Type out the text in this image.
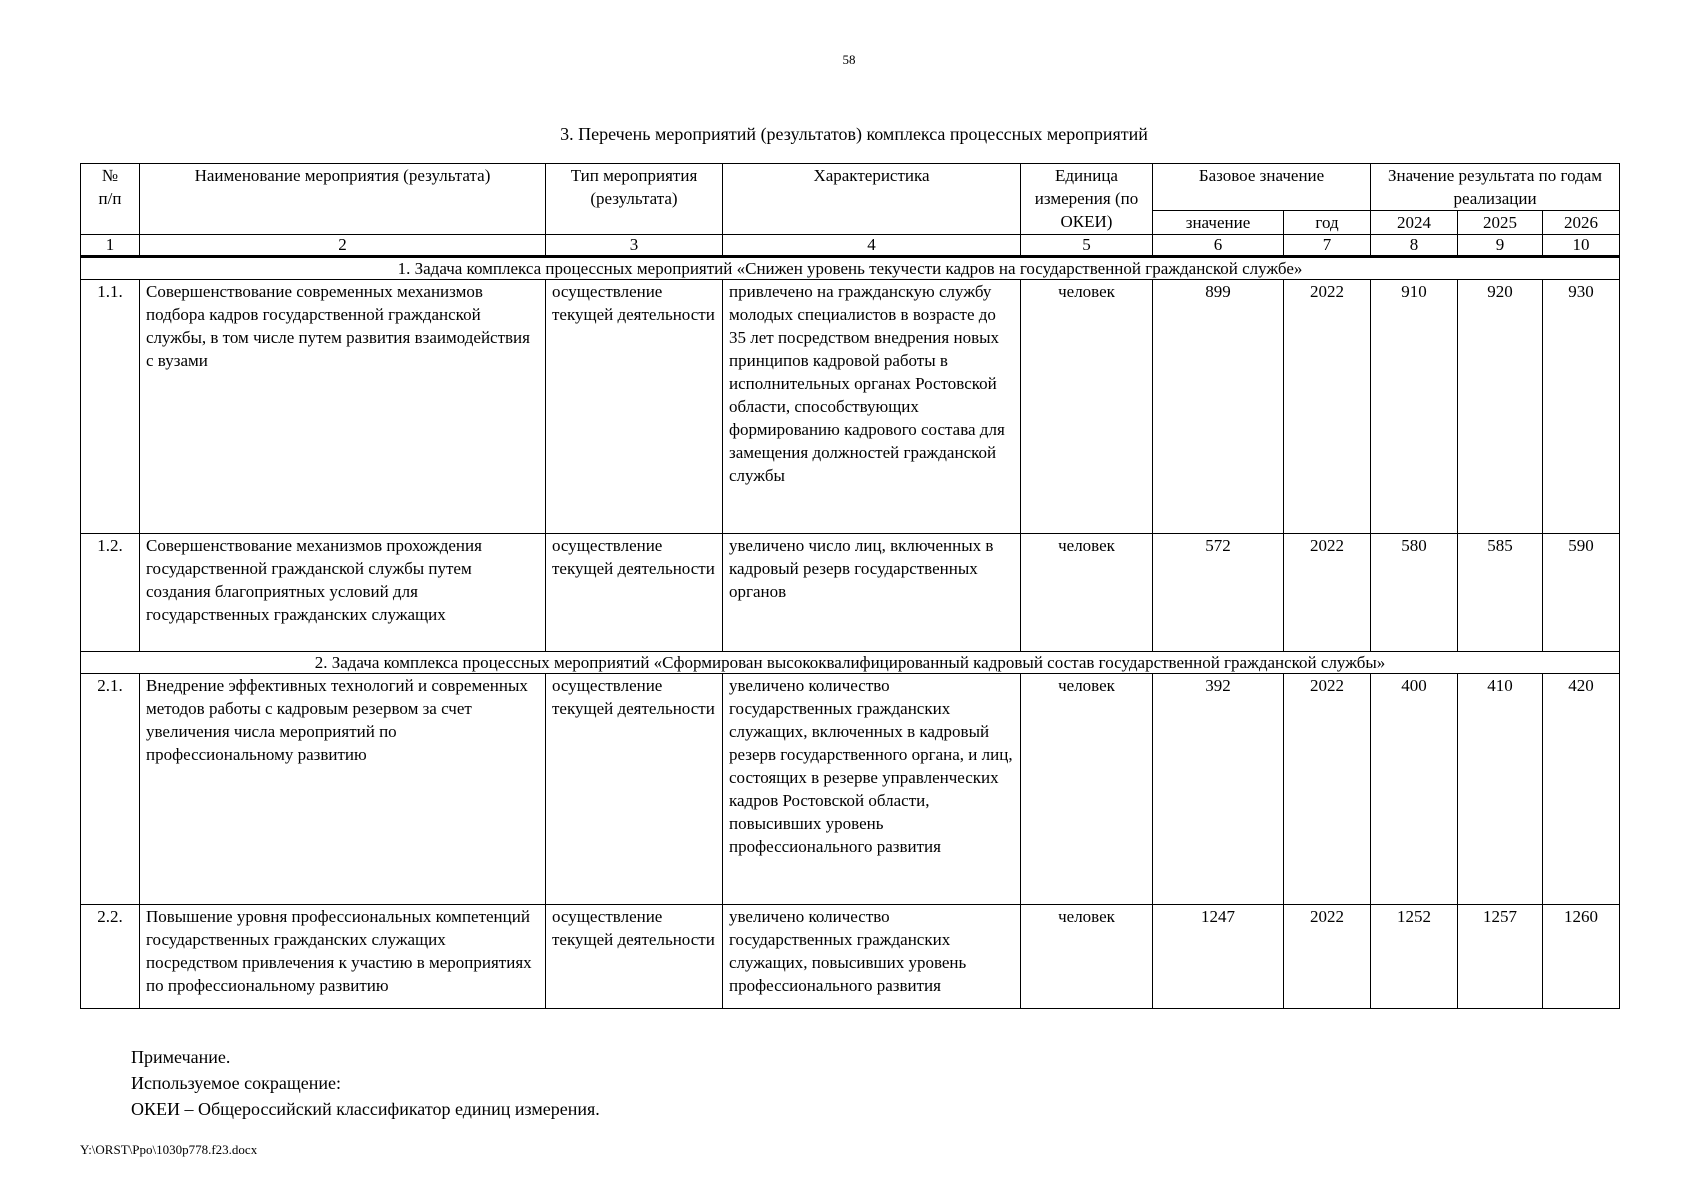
58
3. Перечень мероприятий (результатов) комплекса процессных мероприятий
№
п/п	Наименование мероприятия (результата)	Тип мероприятия (результата)	Характеристика	Единица измерения (по ОКЕИ)	Базовое значение		Значение результата по годам реализации		

					значение	год	2024	2025	2026
1	2	3	4	5	6	7	8	9	10
1. Задача комплекса процессных мероприятий «Снижен уровень текучести кадров на государственной гражданской службе»									
1.1.	Совершенствование современных механизмов подбора кадров государственной гражданской службы, в том числе путем развития взаимодействия с вузами	осуществление текущей деятельности	привлечено на гражданскую службу молодых специалистов в возрасте до 35 лет посредством внедрения новых принципов кадровой работы в исполнительных органах Ростовской области, способствующих формированию кадрового состава для замещения должностей гражданской службы	человек	899	2022	910	920	930
1.2.	Совершенствование механизмов прохождения государственной гражданской службы путем создания благоприятных условий для государственных гражданских служащих	осуществление текущей деятельности	увеличено число лиц, включенных в кадровый резерв государственных органов	человек	572	2022	580	585	590
2. Задача комплекса процессных мероприятий «Сформирован высококвалифицированный кадровый состав государственной гражданской службы»									
2.1.	Внедрение эффективных технологий и современных методов работы с кадровым резервом за счет увеличения числа мероприятий по профессиональному развитию	осуществление текущей деятельности	увеличено количество государственных гражданских служащих, включенных в кадровый резерв государственного органа, и лиц, состоящих в резерве управленческих кадров Ростовской области, повысивших уровень профессионального развития	человек	392	2022	400	410	420
2.2.	Повышение уровня профессиональных компетенций государственных гражданских служащих посредством привлечения к участию в мероприятиях по профессиональному развитию	осуществление текущей деятельности	увеличено количество государственных гражданских служащих, повысивших уровень профессионального развития	человек	1247	2022	1252	1257	1260
Примечание.
Используемое сокращение:
ОКЕИ – Общероссийский классификатор единиц измерения.
Y:\ORST\Ppo\1030p778.f23.docx
